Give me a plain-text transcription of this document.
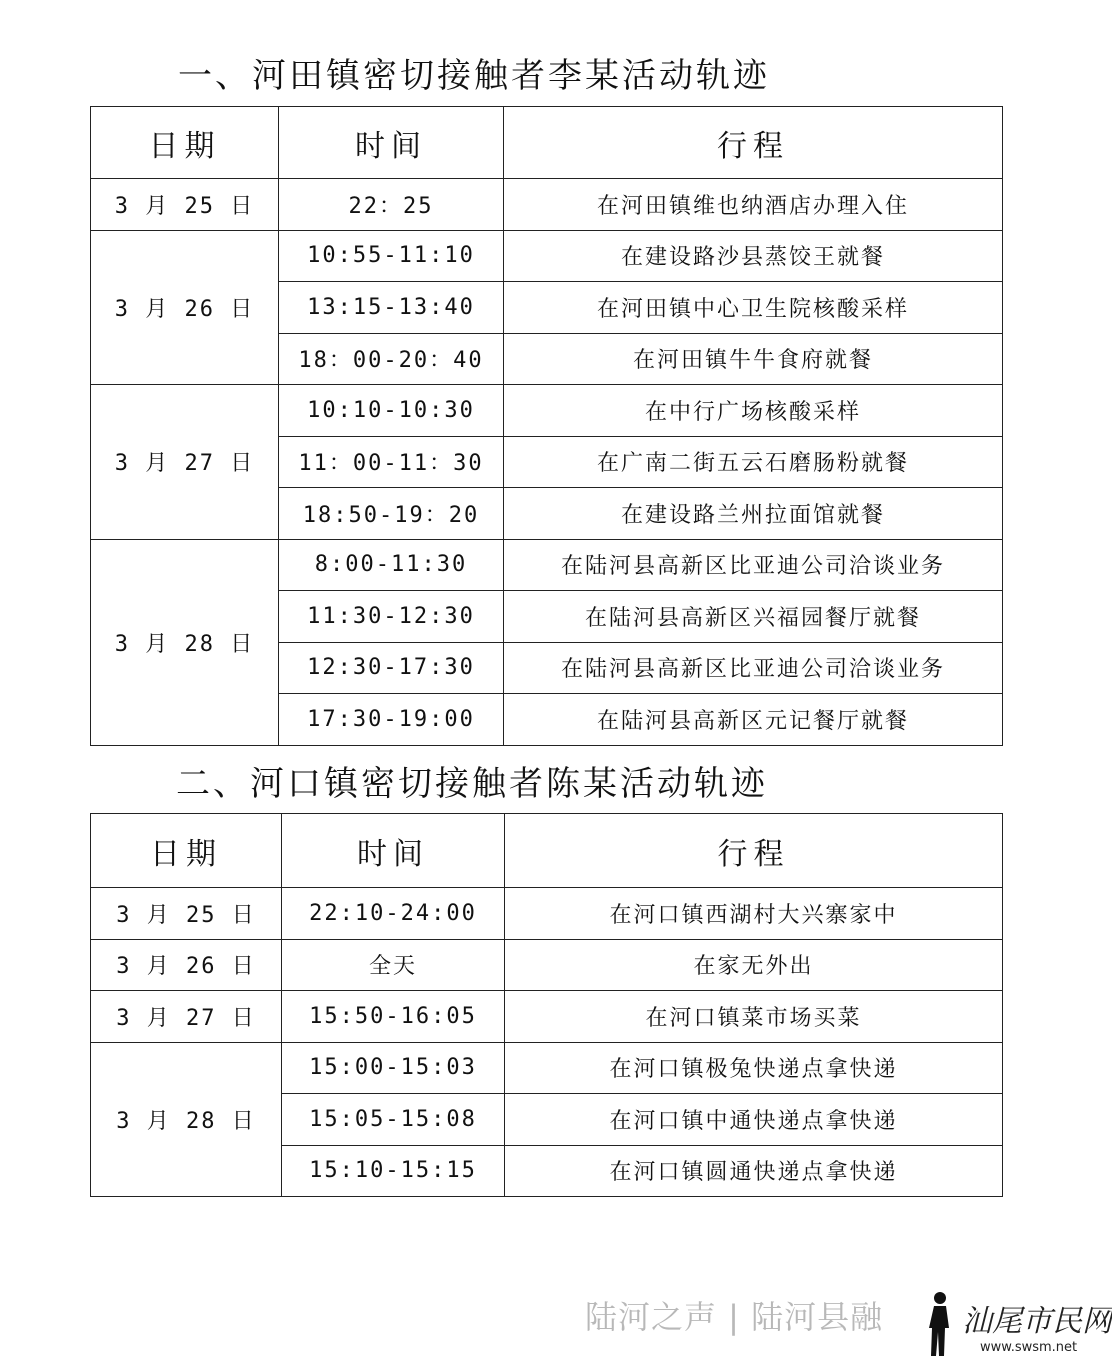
一、河田镇密切接触者李某活动轨迹
日期	时间	行程
3 月 25 日	22：25	在河田镇维也纳酒店办理入住
3 月 26 日	10:55-11:10	在建设路沙县蒸饺王就餐
	13:15-13:40	在河田镇中心卫生院核酸采样
	18：00-20：40	在河田镇牛牛食府就餐
3 月 27 日	10:10-10:30	在中行广场核酸采样
	11：00-11：30	在广南二街五云石磨肠粉就餐
	18:50-19：20	在建设路兰州拉面馆就餐
3 月 28 日	8:00-11:30	在陆河县高新区比亚迪公司洽谈业务
	11:30-12:30	在陆河县高新区兴福园餐厅就餐
	12:30-17:30	在陆河县高新区比亚迪公司洽谈业务
	17:30-19:00	在陆河县高新区元记餐厅就餐
二、河口镇密切接触者陈某活动轨迹
日期	时间	行程
3 月 25 日	22:10-24:00	在河口镇西湖村大兴寨家中
3 月 26 日	全天	在家无外出
3 月 27 日	15:50-16:05	在河口镇菜市场买菜
3 月 28 日	15:00-15:03	在河口镇极兔快递点拿快递
	15:05-15:08	在河口镇中通快递点拿快递
	15:10-15:15	在河口镇圆通快递点拿快递
陆河之声 | 陆河县融	汕尾市民网
www.swsm.net
